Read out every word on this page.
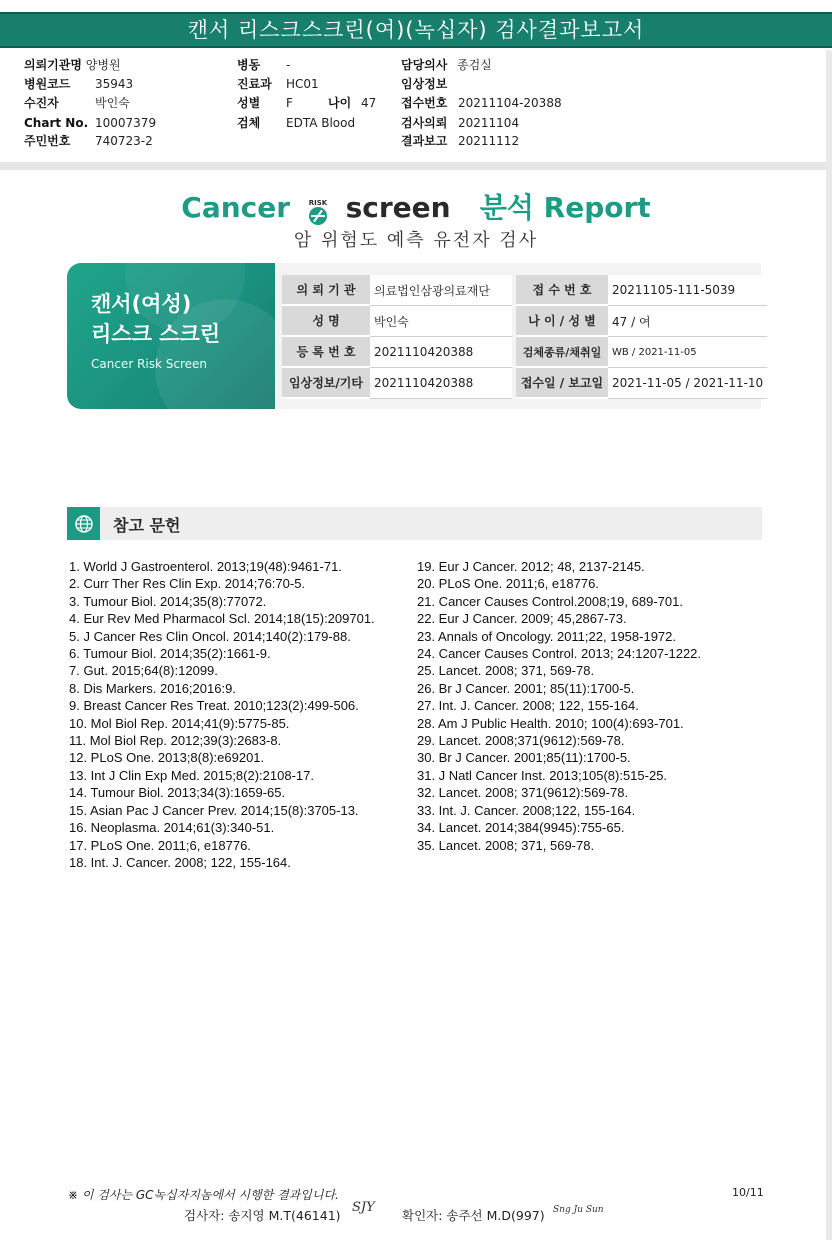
캔서 리스크스크린(여)(녹십자) 검사결과보고서
의뢰기관명 양병원
병원코드 35943
수진자	박인숙
Chart No. 10007379
주민번호 740723-2
병동 -
진료과 HC01
성별 F	나이 47
검체 EDTA Blood
담당의사 종검실
임상정보
접수번호 20211104-20388
검사의뢰 20211104
결과보고 20211112
Cancer	RISK screen 분석 Report
암 위험도 예측 유전자 검사
캔서(여성)
리스크 스크린
Cancer Risk Screen
의 뢰 기 관	의료법인삼광의료재단		접 수 번 호	20211105-111-5039
성 명	박인숙		나 이 / 성 별	47 / 여
등 록 번 호	2021110420388		검체종류/채취일	WB / 2021-11-05
임상정보/기타	2021110420388		접수일 / 보고일	2021-11-05 / 2021-11-10
참고 문헌
1. World J Gastroenterol. 2013;19(48):9461-71.
2. Curr Ther Res Clin Exp. 2014;76:70-5.
3. Tumour Biol. 2014;35(8):77072.
4. Eur Rev Med Pharmacol Scl. 2014;18(15):209701.
5. J Cancer Res Clin Oncol. 2014;140(2):179-88.
6. Tumour Biol. 2014;35(2):1661-9.
7. Gut. 2015;64(8):12099.
8. Dis Markers. 2016;2016:9.
9. Breast Cancer Res Treat. 2010;123(2):499-506.
10. Mol Biol Rep. 2014;41(9):5775-85.
11. Mol Biol Rep. 2012;39(3):2683-8.
12. PLoS One. 2013;8(8):e69201.
13. Int J Clin Exp Med. 2015;8(2):2108-17.
14. Tumour Biol. 2013;34(3):1659-65.
15. Asian Pac J Cancer Prev. 2014;15(8):3705-13.
16. Neoplasma. 2014;61(3):340-51.
17. PLoS One. 2011;6, e18776.
18. Int. J. Cancer. 2008; 122, 155-164.
19. Eur J Cancer. 2012; 48, 2137-2145.
20. PLoS One. 2011;6, e18776.
21. Cancer Causes Control.2008;19, 689-701.
22. Eur J Cancer. 2009; 45,2867-73.
23. Annals of Oncology. 2011;22, 1958-1972.
24. Cancer Causes Control. 2013; 24:1207-1222.
25. Lancet. 2008; 371, 569-78.
26. Br J Cancer. 2001; 85(11):1700-5.
27. Int. J. Cancer. 2008; 122, 155-164.
28. Am J Public Health. 2010; 100(4):693-701.
29. Lancet. 2008;371(9612):569-78.
30. Br J Cancer. 2001;85(11):1700-5.
31. J Natl Cancer Inst. 2013;105(8):515-25.
32. Lancet. 2008; 371(9612):569-78.
33. Int. J. Cancer. 2008;122, 155-164.
34. Lancet. 2014;384(9945):755-65.
35. Lancet. 2008; 371, 569-78.
※ 이 검사는 GC녹십자지놈에서 시행한 결과입니다.	10/11
검사자: 송지영 M.T(46141)
SJY
확인자: 송주선 M.D(997) Sng Ju Sun
